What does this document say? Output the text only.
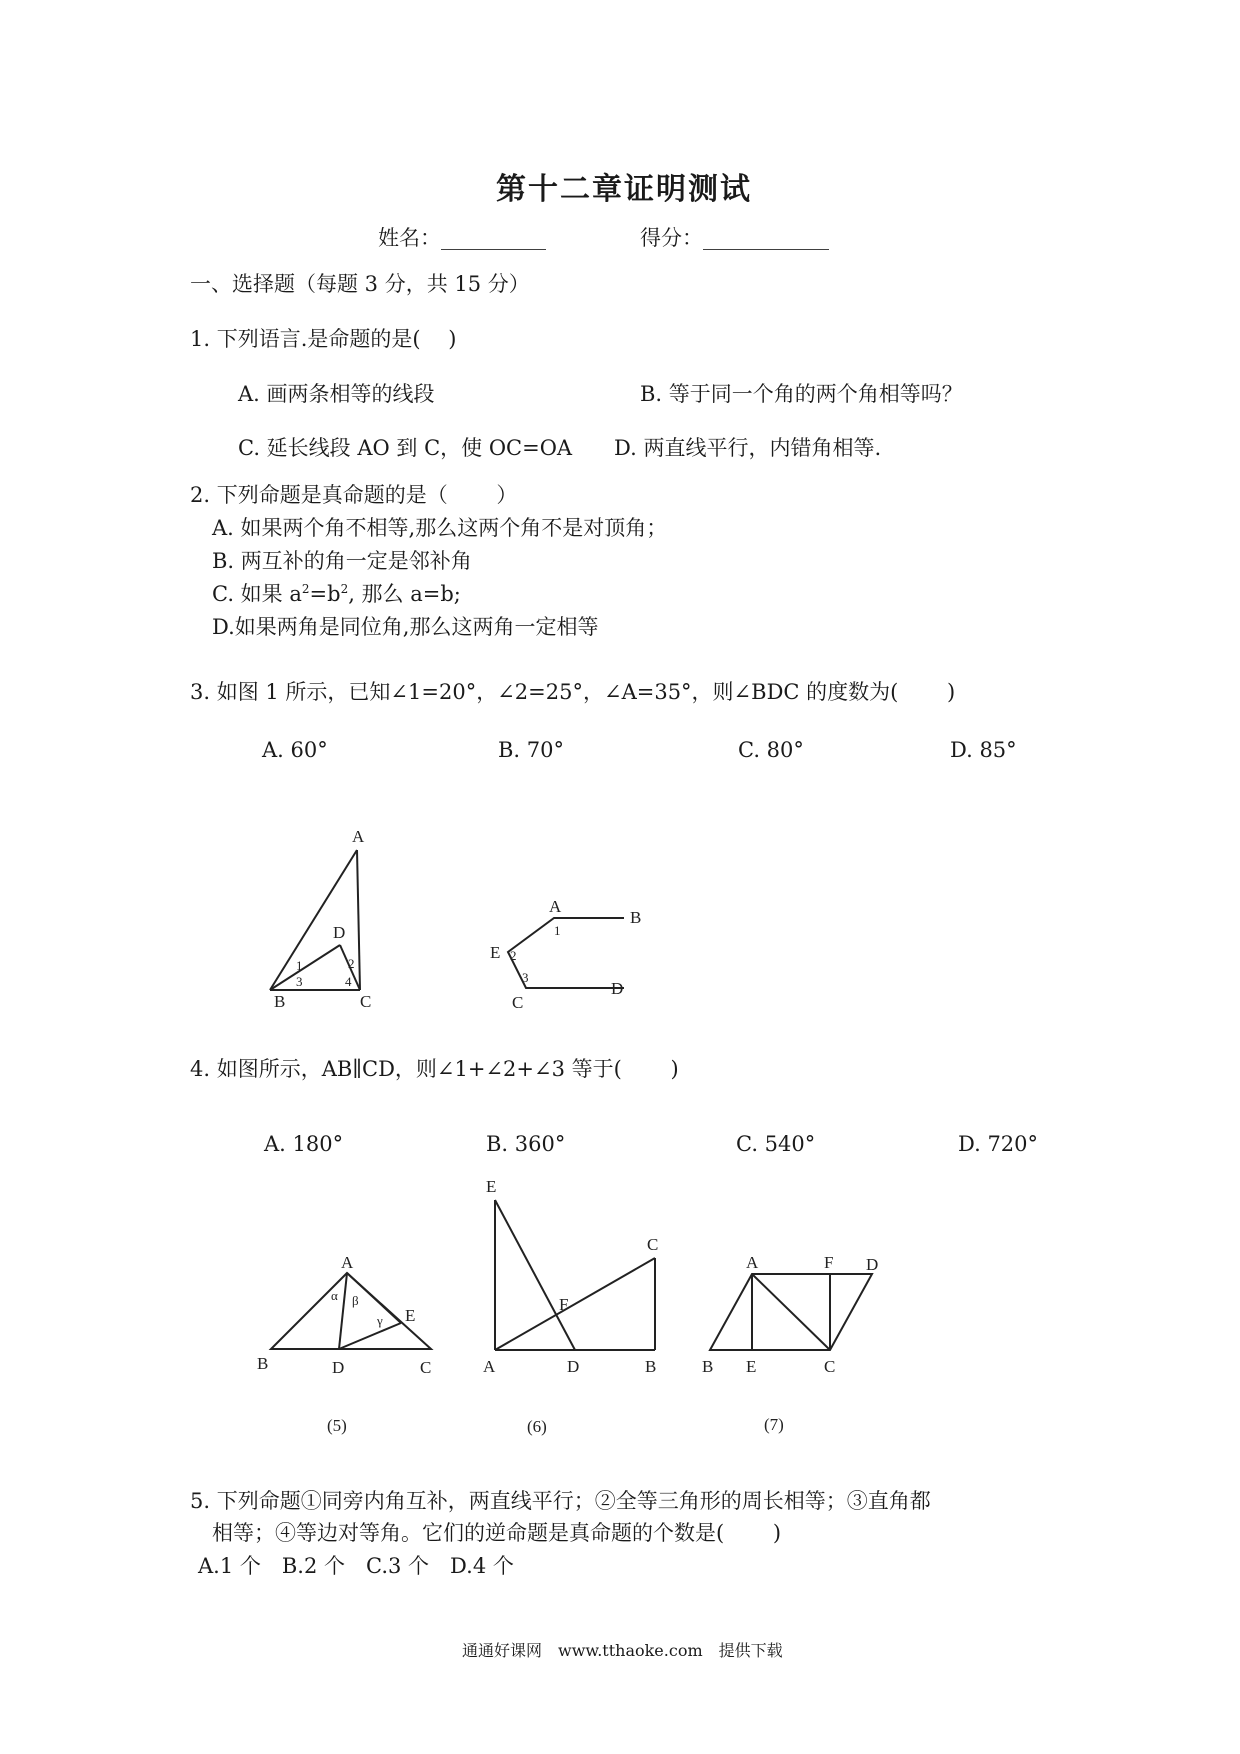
第十二章证明测试
姓名：__________	得分：____________
一、选择题（每题 3 分，共 15 分）
1. 下列语言.是命题的是(　 )
A. 画两条相等的线段	B. 等于同一个角的两个角相等吗？
C. 延长线段 AO 到 C，使 OC=OA D. 两直线平行，内错角相等.
2. 下列命题是真命题的是（　　 ）
A. 如果两个角不相等,那么这两个角不是对顶角；
B. 两互补的角一定是邻补角
C. 如果 $a^2=b^2$, 那么 a=b;
D.如果两角是同位角,那么这两角一定相等
3. 如图 1 所示，已知∠1=20°，∠2=25°，∠A=35°，则∠BDC 的度数为(　　 )
A. 60°	B. 70°	C. 80°	D. 85°
A
B	C
D
1	2
3	4
A
B
E
C
D
1
2
3
4. 如图所示，AB∥CD，则∠1+∠2+∠3 等于(　　 )
A. 180°	B. 360°	C. 540°	D. 720°
A
B	D	C
E
α β
γ
(5)
E
A	D	B
C
F
(6)
A	F D
B E	C
(7)
5. 下列命题①同旁内角互补，两直线平行；②全等三角形的周长相等；③直角都
相等；④等边对等角。它们的逆命题是真命题的个数是(　　 )
A.1 个　B.2 个　C.3 个　D.4 个
通通好课网　www.tthaoke.com　提供下载
